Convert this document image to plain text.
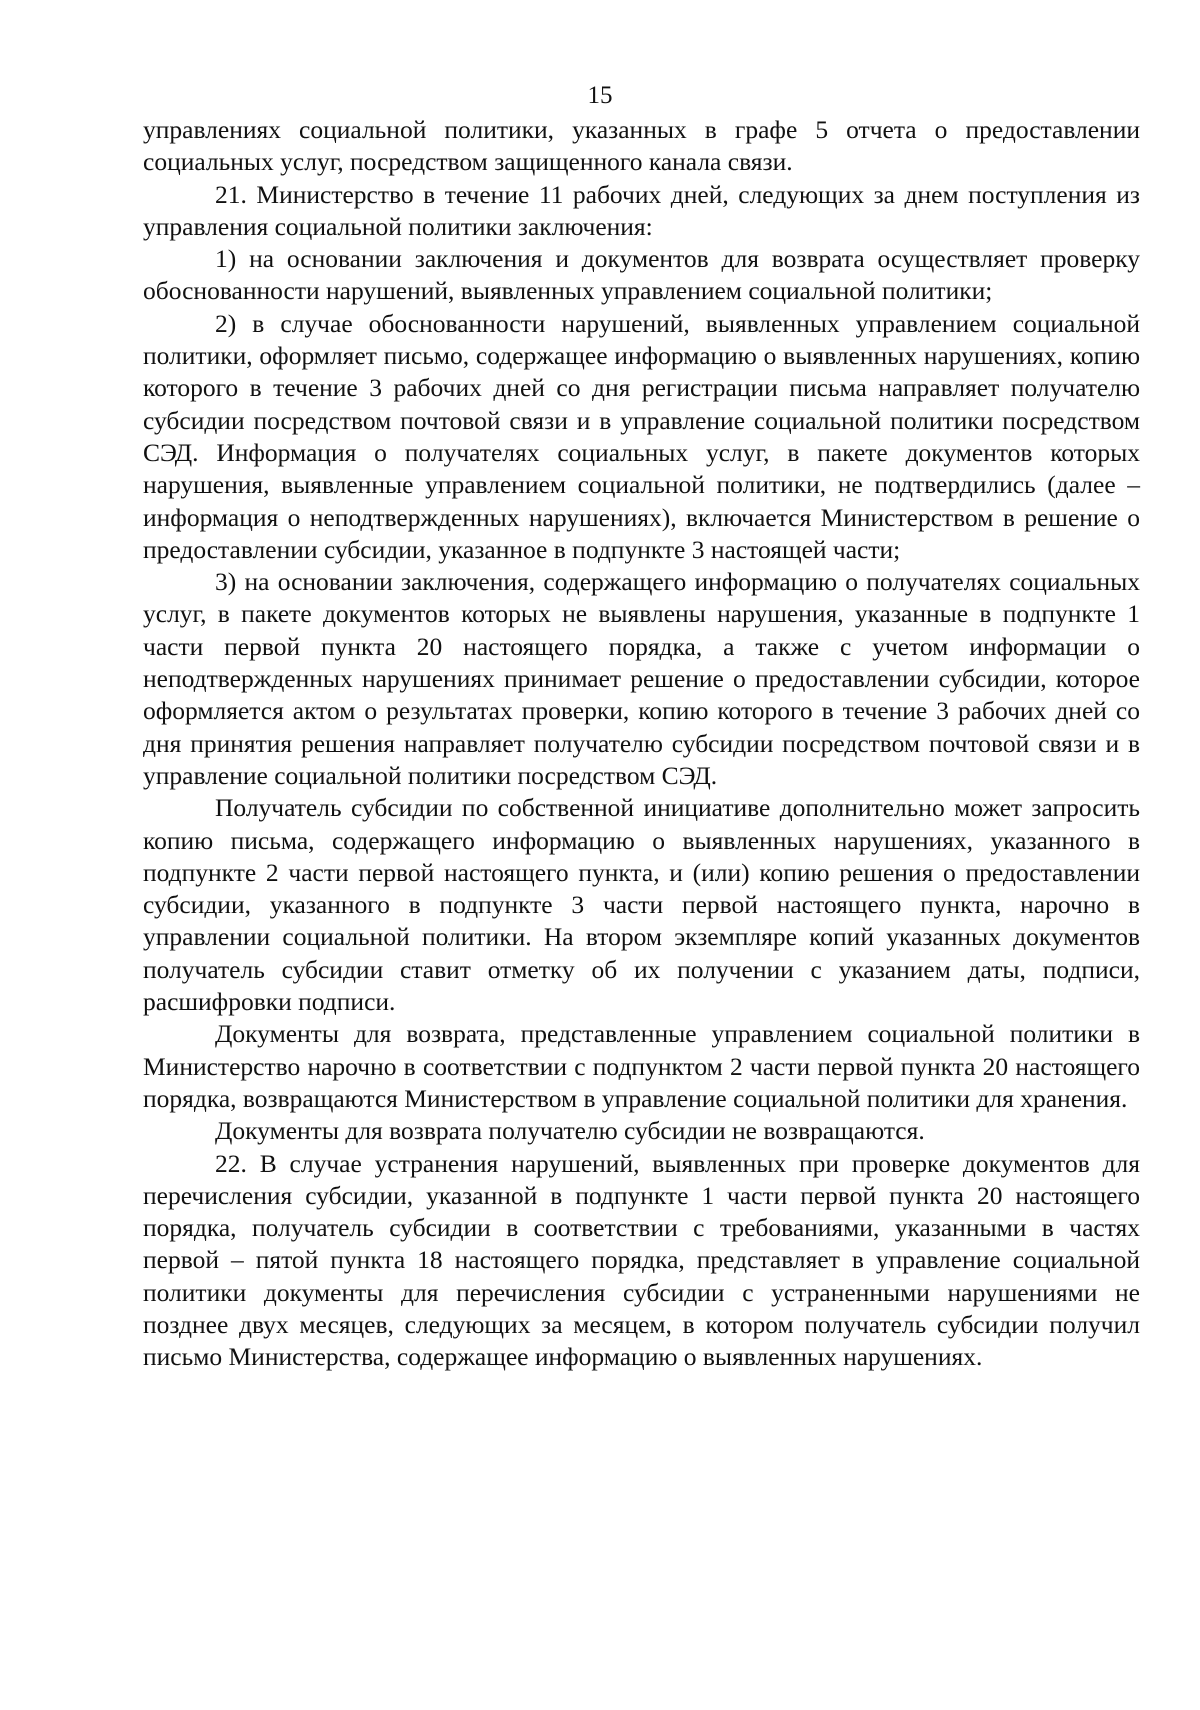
15

управлениях социальной политики, указанных в графе 5 отчета о предоставлении социальных услуг, посредством защищенного канала связи.

21. Министерство в течение 11 рабочих дней, следующих за днем поступления из управления социальной политики заключения:

1) на основании заключения и документов для возврата осуществляет проверку обоснованности нарушений, выявленных управлением социальной политики;

2) в случае обоснованности нарушений, выявленных управлением социальной политики, оформляет письмо, содержащее информацию о выявленных нарушениях, копию которого в течение 3 рабочих дней со дня регистрации письма направляет получателю субсидии посредством почтовой связи и в управление социальной политики посредством СЭД. Информация о получателях социальных услуг, в пакете документов которых нарушения, выявленные управлением социальной политики, не подтвердились (далее – информация о неподтвержденных нарушениях), включается Министерством в решение о предоставлении субсидии, указанное в подпункте 3 настоящей части;

3) на основании заключения, содержащего информацию о получателях социальных услуг, в пакете документов которых не выявлены нарушения, указанные в подпункте 1 части первой пункта 20 настоящего порядка, а также с учетом информации о неподтвержденных нарушениях принимает решение о предоставлении субсидии, которое оформляется актом о результатах проверки, копию которого в течение 3 рабочих дней со дня принятия решения направляет получателю субсидии посредством почтовой связи и в управление социальной политики посредством СЭД.

Получатель субсидии по собственной инициативе дополнительно может запросить копию письма, содержащего информацию о выявленных нарушениях, указанного в подпункте 2 части первой настоящего пункта, и (или) копию решения о предоставлении субсидии, указанного в подпункте 3 части первой настоящего пункта, нарочно в управлении социальной политики. На втором экземпляре копий указанных документов получатель субсидии ставит отметку об их получении с указанием даты, подписи, расшифровки подписи.

Документы для возврата, представленные управлением социальной политики в Министерство нарочно в соответствии с подпунктом 2 части первой пункта 20 настоящего порядка, возвращаются Министерством в управление социальной политики для хранения.

Документы для возврата получателю субсидии не возвращаются.

22. В случае устранения нарушений, выявленных при проверке документов для перечисления субсидии, указанной в подпункте 1 части первой пункта 20 настоящего порядка, получатель субсидии в соответствии с требованиями, указанными в частях первой – пятой пункта 18 настоящего порядка, представляет в управление социальной политики документы для перечисления субсидии с устраненными нарушениями не позднее двух месяцев, следующих за месяцем, в котором получатель субсидии получил письмо Министерства, содержащее информацию о выявленных нарушениях.
